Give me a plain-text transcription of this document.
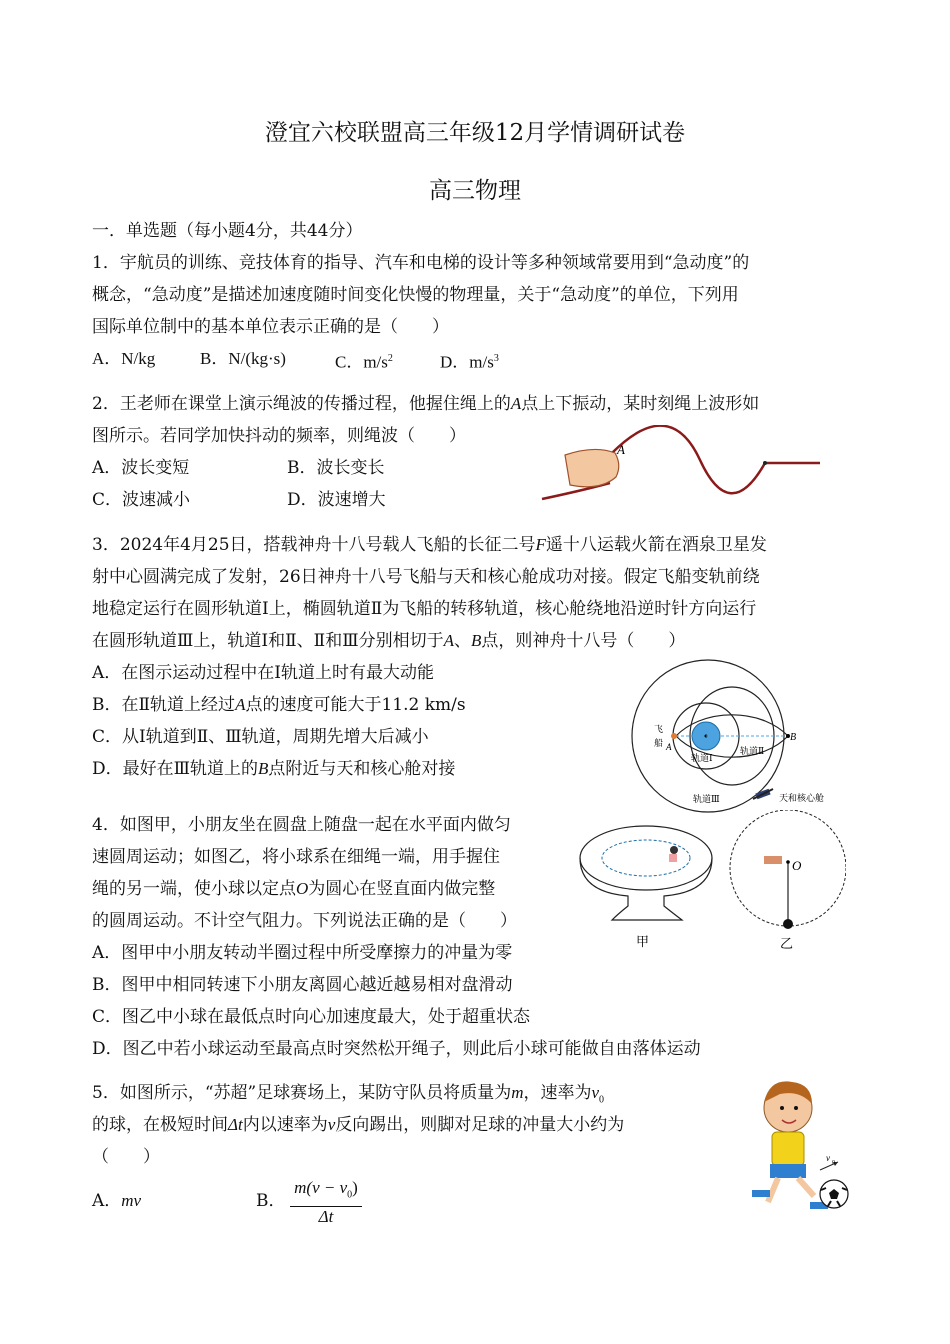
澄宜六校联盟高三年级12月学情调研试卷
高三物理
一．单选题（每小题4分，共44分）
1．宇航员的训练、竞技体育的指导、汽车和电梯的设计等多种领域常要用到“急动度”的
概念，“急动度”是描述加速度随时间变化快慢的物理量，关于“急动度”的单位，下列用
国际单位制中的基本单位表示正确的是（　　）
A．N/kg	B．N/(kg·s)	C．$m/s^2$	D．$m/s^3$
2．王老师在课堂上演示绳波的传播过程，他握住绳上的A点上下振动，某时刻绳上波形如
图所示。若同学加快抖动的频率，则绳波（　　）
A．波长变短	B．波长变长
C．波速减小	D．波速增大
A
3．2024年4月25日，搭载神舟十八号载人飞船的长征二号F遥十八运载火箭在酒泉卫星发
射中心圆满完成了发射，26日神舟十八号飞船与天和核心舱成功对接。假定飞船变轨前绕
地稳定运行在圆形轨道Ⅰ上，椭圆轨道Ⅱ为飞船的转移轨道，核心舱绕地沿逆时针方向运行
在圆形轨道Ⅲ上，轨道Ⅰ和Ⅱ、Ⅱ和Ⅲ分别相切于A、B点，则神舟十八号（　　）
A．在图示运动过程中在Ⅰ轨道上时有最大动能
B．在Ⅱ轨道上经过A点的速度可能大于11.2 km/s
C．从Ⅰ轨道到Ⅱ、Ⅲ轨道，周期先增大后减小
D．最好在Ⅲ轨道上的B点附近与天和核心舱对接
飞
船 A
B
轨道Ⅰ
轨道Ⅱ
轨道Ⅲ	天和核心舱
4．如图甲，小朋友坐在圆盘上随盘一起在水平面内做匀
速圆周运动；如图乙，将小球系在细绳一端，用手握住
绳的另一端，使小球以定点O为圆心在竖直面内做完整
的圆周运动。不计空气阻力。下列说法正确的是（　　）
A．图甲中小朋友转动半圈过程中所受摩擦力的冲量为零
B．图甲中相同转速下小朋友离圆心越近越易相对盘滑动
C．图乙中小球在最低点时向心加速度最大，处于超重状态
D．图乙中若小球运动至最高点时突然松开绳子，则此后小球可能做自由落体运动
甲
O
乙
5．如图所示，“苏超”足球赛场上，某防守队员将质量为m，速率为$v_0$
的球，在极短时间Δt内以速率为v反向踢出，则脚对足球的冲量大小约为
（　　）
A．mv	B．
$m(v - v_0)$
Δt
v 0
